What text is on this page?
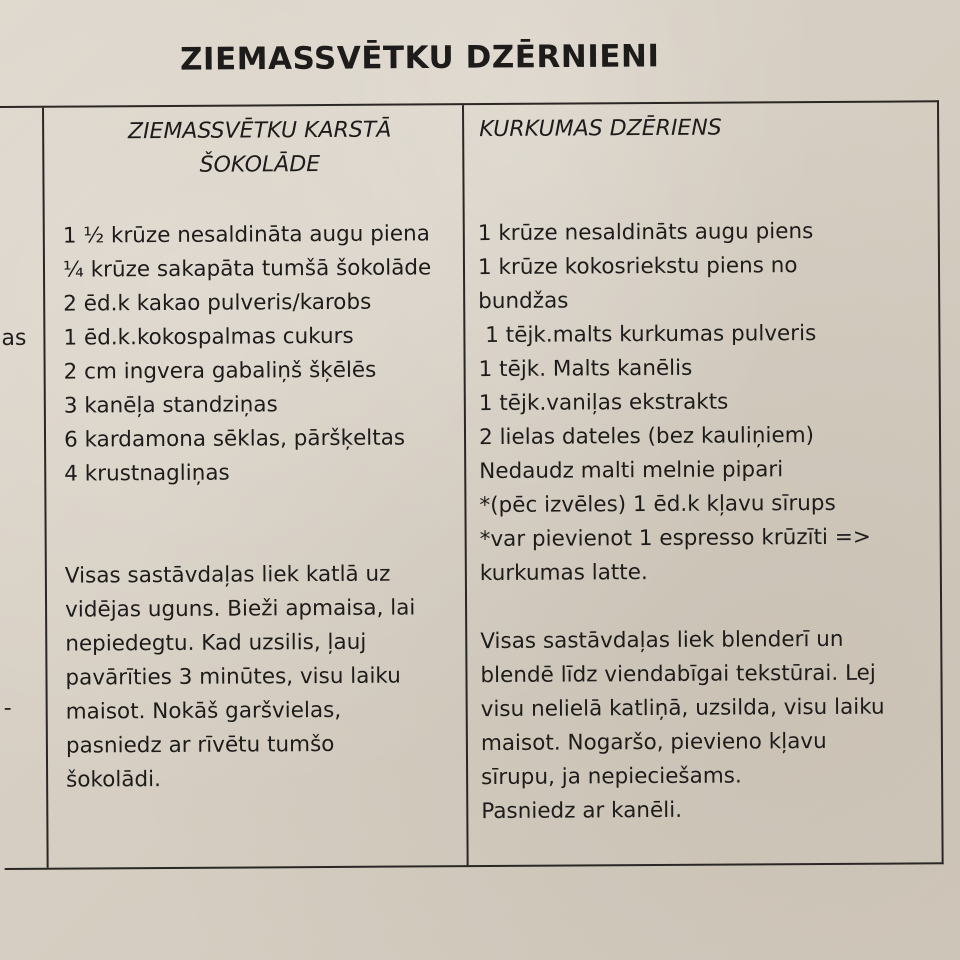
ZIEMASSVĒTKU DZĒRNIENI
as
-
ZIEMASSVĒTKU KARSTĀ
ŠOKOLĀDE
1 ½ krūze nesaldināta augu piena
¼ krūze sakapāta tumšā šokolāde
2 ēd.k kakao pulveris/karobs
1 ēd.k.kokospalmas cukurs
2 cm ingvera gabaliņš šķēlēs
3 kanēļa standziņas
6 kardamona sēklas, pāršķeltas
4 krustnagliņas

Visas sastāvdaļas liek katlā uz
vidējas uguns. Bieži apmaisa, lai
nepiedegtu. Kad uzsilis, ļauj
pavārīties 3 minūtes, visu laiku
maisot. Nokāš garšvielas,
pasniedz ar rīvētu tumšo
šokolādi.

KURKUMAS DZĒRIENS
1 krūze nesaldināts augu piens
1 krūze kokosriekstu piens no
bundžas
1 tējk.malts kurkumas pulveris
1 tējk. Malts kanēlis
1 tējk.vaniļas ekstrakts
2 lielas dateles (bez kauliņiem)
Nedaudz malti melnie pipari
*(pēc izvēles) 1 ēd.k kļavu sīrups
*var pievienot 1 espresso krūzīti =>
kurkumas latte.

Visas sastāvdaļas liek blenderī un
blendē līdz viendabīgai tekstūrai. Lej
visu nelielā katliņā, uzsilda, visu laiku
maisot. Nogaršo, pievieno kļavu
sīrupu, ja nepieciešams.
Pasniedz ar kanēli.
